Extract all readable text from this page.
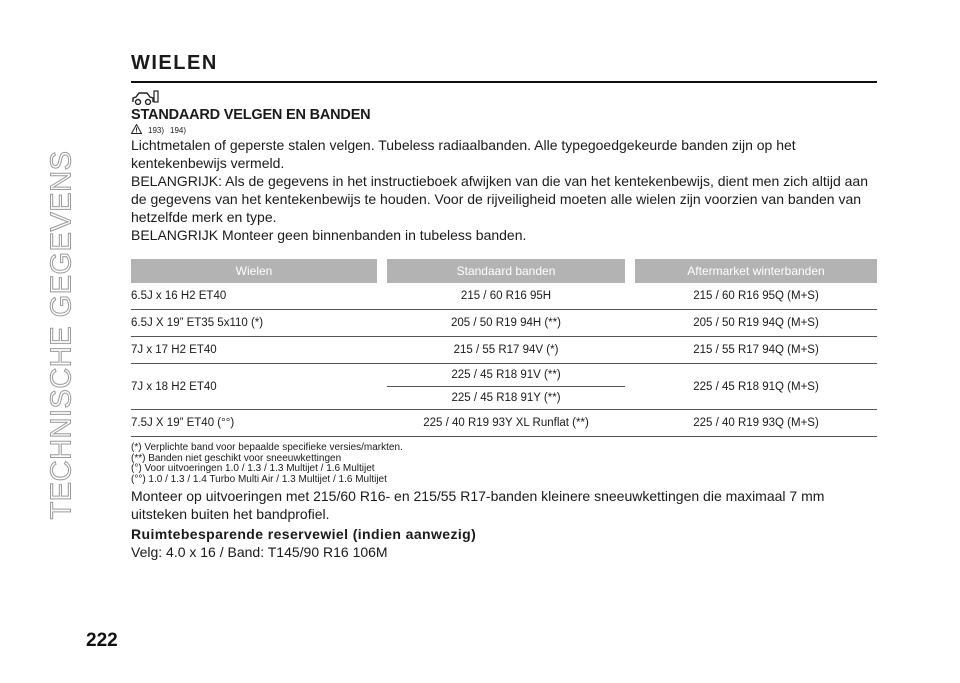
TECHNISCHE GEGEVENS
222
WIELEN
STANDAARD VELGEN EN BANDEN
193) 194)

Lichtmetalen of geperste stalen velgen. Tubeless radiaalbanden. Alle typegoedgekeurde banden zijn op het kentekenbewijs vermeld.

BELANGRIJK: Als de gegevens in het instructieboek afwijken van die van het kentekenbewijs, dient men zich altijd aan de gegevens van het kentekenbewijs te houden. Voor de rijveiligheid moeten alle wielen zijn voorzien van banden van hetzelfde merk en type.

BELANGRIJK Monteer geen binnenbanden in tubeless banden.

Wielen		Standaard banden		Aftermarket winterbanden
6.5J x 16 H2 ET40		215 / 60 R16 95H		215 / 60 R16 95Q (M+S)
6.5J X 19” ET35 5x110 (*)		205 / 50 R19 94H (**)		205 / 50 R19 94Q (M+S)
7J x 17 H2 ET40		215 / 55 R17 94V (*)		215 / 55 R17 94Q (M+S)
7J x 18 H2 ET40		225 / 45 R18 91V (**)		225 / 45 R18 91Q (M+S)
		225 / 45 R18 91Y (**)		
7.5J X 19” ET40 (°°)		225 / 40 R19 93Y XL Runflat (**)		225 / 40 R19 93Q (M+S)
(*) Verplichte band voor bepaalde specifieke versies/markten.
(**) Banden niet geschikt voor sneeuwkettingen
(°) Voor uitvoeringen 1.0 / 1.3 / 1.3 Multijet / 1.6 Multijet
(°°) 1.0 / 1.3 / 1.4 Turbo Multi Air / 1.3 Multijet / 1.6 Multijet

Monteer op uitvoeringen met 215/60 R16- en 215/55 R17-banden kleinere sneeuwkettingen die maximaal 7 mm uitsteken buiten het bandprofiel.

Ruimtebesparende reservewiel (indien aanwezig)

Velg: 4.0 x 16 / Band: T145/90 R16 106M
